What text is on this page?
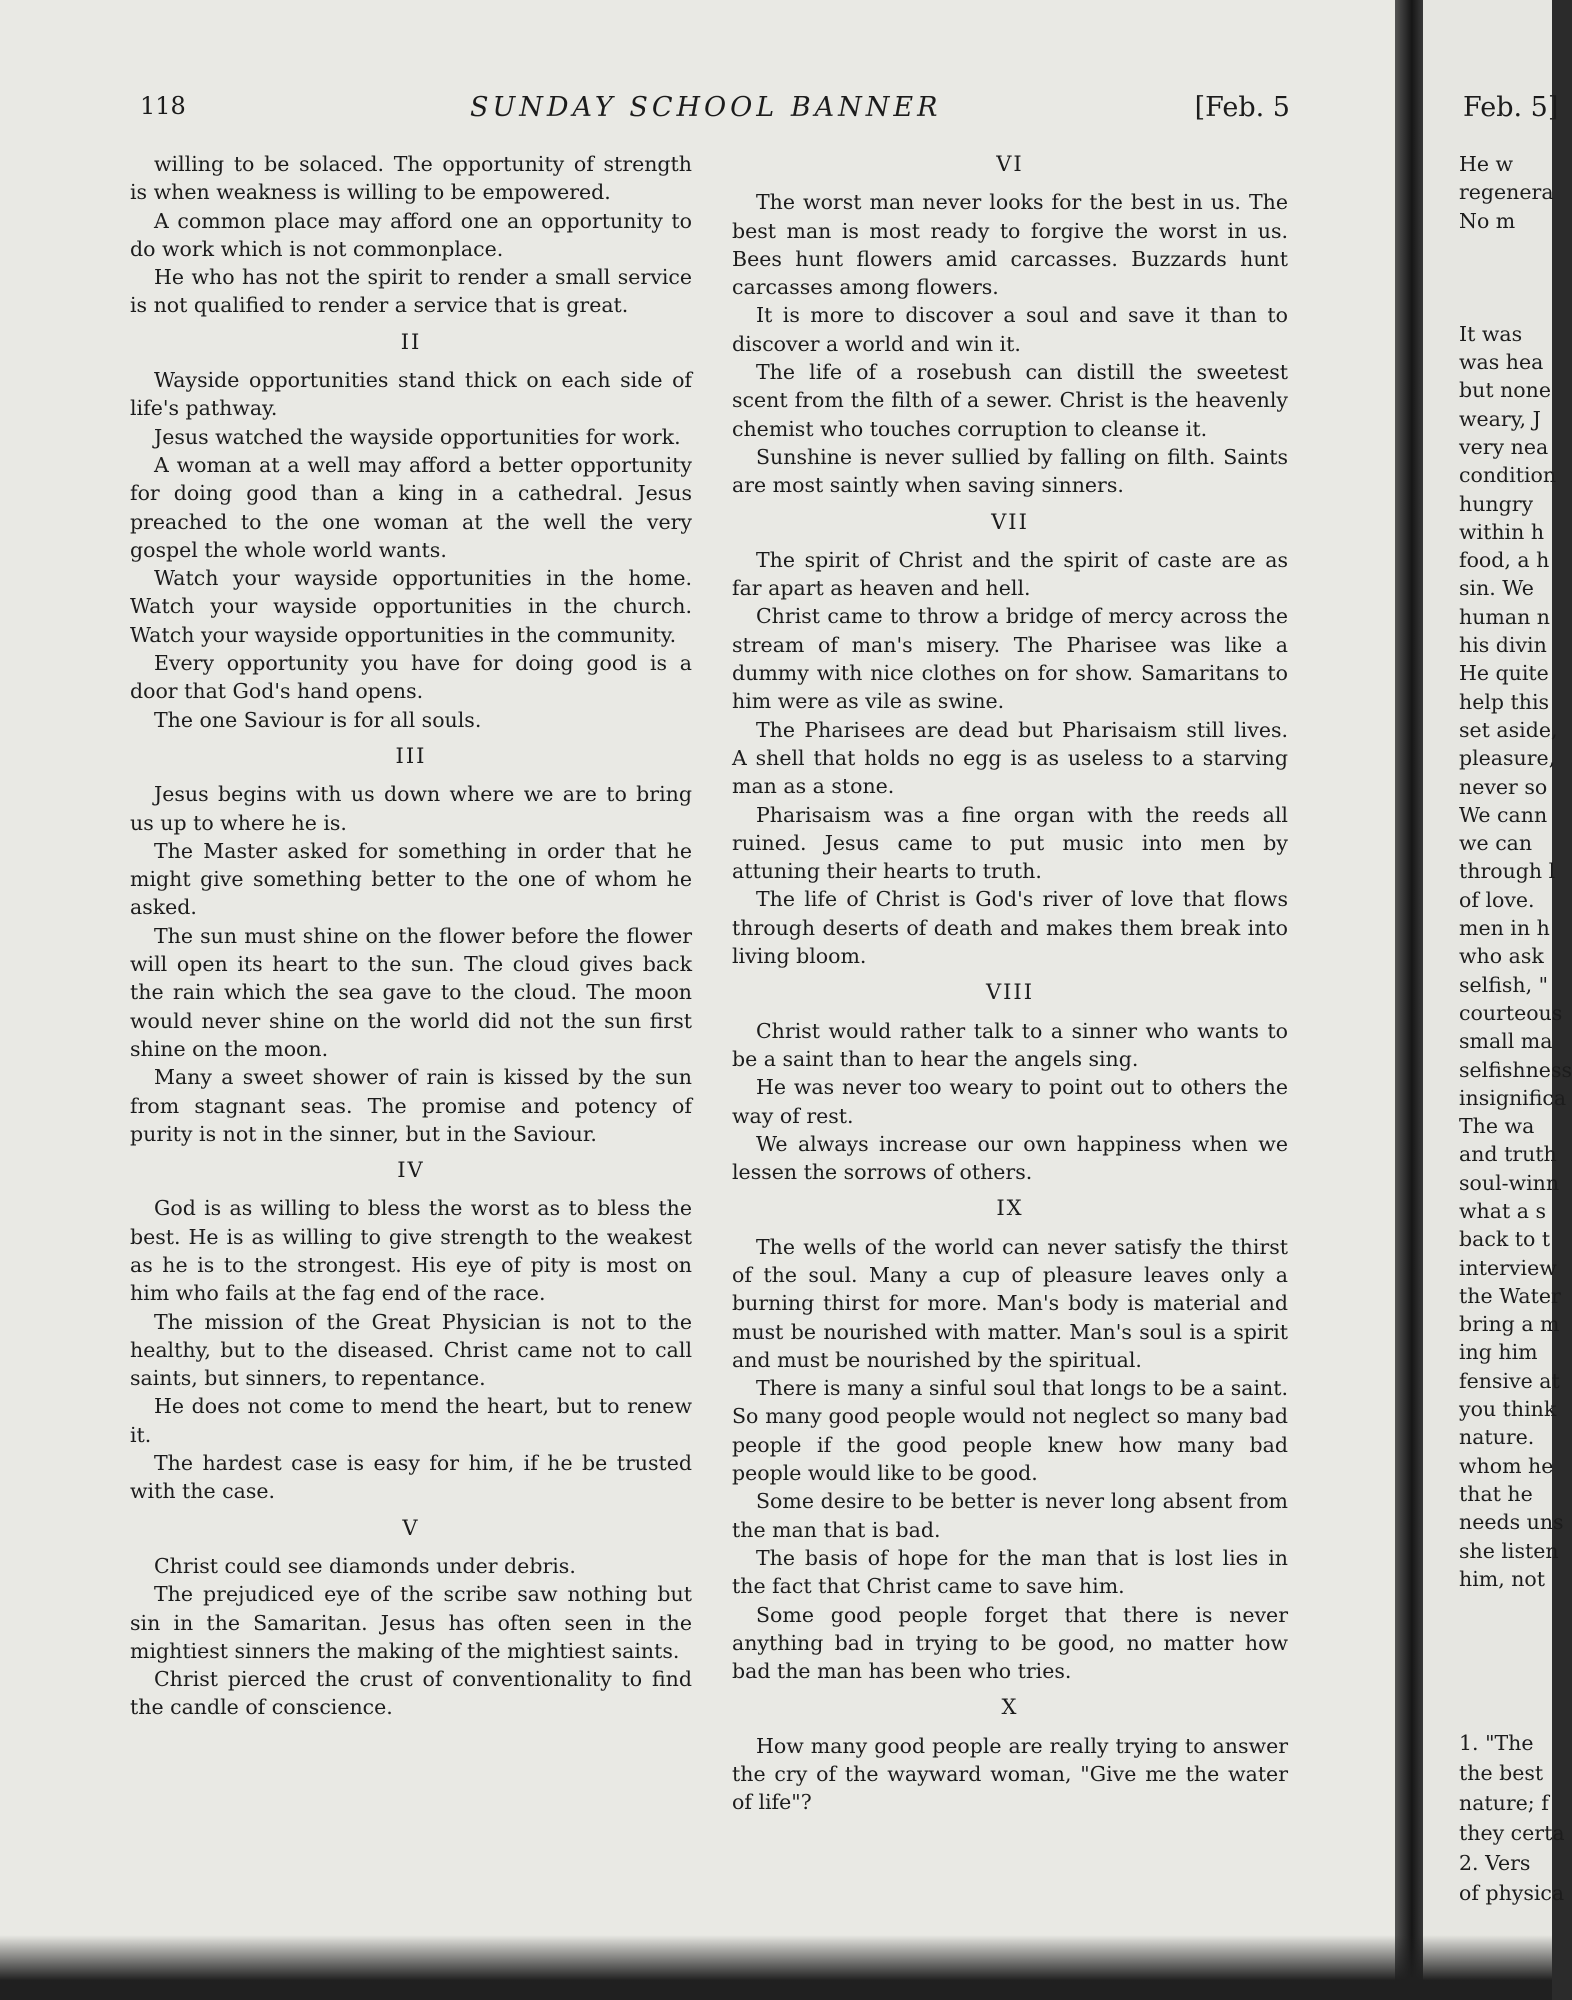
118	SUNDAY SCHOOL BANNER	[Feb. 5

willing to be solaced. The opportunity of strength is when weakness is willing to be empowered.

A common place may afford one an opportunity to do work which is not commonplace.

He who has not the spirit to render a small service is not qualified to render a service that is great.

II

Wayside opportunities stand thick on each side of life's pathway.

Jesus watched the wayside opportunities for work.

A woman at a well may afford a better opportunity for doing good than a king in a cathedral. Jesus preached to the one woman at the well the very gospel the whole world wants.

Watch your wayside opportunities in the home. Watch your wayside opportunities in the church. Watch your wayside opportunities in the community.

Every opportunity you have for doing good is a door that God's hand opens.

The one Saviour is for all souls.

III

Jesus begins with us down where we are to bring us up to where he is.

The Master asked for something in order that he might give something better to the one of whom he asked.

The sun must shine on the flower before the flower will open its heart to the sun. The cloud gives back the rain which the sea gave to the cloud. The moon would never shine on the world did not the sun first shine on the moon.

Many a sweet shower of rain is kissed by the sun from stagnant seas. The promise and potency of purity is not in the sinner, but in the Saviour.

IV

God is as willing to bless the worst as to bless the best. He is as willing to give strength to the weakest as he is to the strongest. His eye of pity is most on him who fails at the fag end of the race.

The mission of the Great Physician is not to the healthy, but to the diseased. Christ came not to call saints, but sinners, to repentance.

He does not come to mend the heart, but to renew it.

The hardest case is easy for him, if he be trusted with the case.

V

Christ could see diamonds under debris.

The prejudiced eye of the scribe saw nothing but sin in the Samaritan. Jesus has often seen in the mightiest sinners the making of the mightiest saints.

Christ pierced the crust of conventionality to find the candle of conscience.

VI

The worst man never looks for the best in us. The best man is most ready to forgive the worst in us. Bees hunt flowers amid carcasses. Buzzards hunt carcasses among flowers.

It is more to discover a soul and save it than to discover a world and win it.

The life of a rosebush can distill the sweetest scent from the filth of a sewer. Christ is the heavenly chemist who touches corruption to cleanse it.

Sunshine is never sullied by falling on filth. Saints are most saintly when saving sinners.

VII

The spirit of Christ and the spirit of caste are as far apart as heaven and hell.

Christ came to throw a bridge of mercy across the stream of man's misery. The Pharisee was like a dummy with nice clothes on for show. Samaritans to him were as vile as swine.

The Pharisees are dead but Pharisaism still lives. A shell that holds no egg is as useless to a starving man as a stone.

Pharisaism was a fine organ with the reeds all ruined. Jesus came to put music into men by attuning their hearts to truth.

The life of Christ is God's river of love that flows through deserts of death and makes them break into living bloom.

VIII

Christ would rather talk to a sinner who wants to be a saint than to hear the angels sing.

He was never too weary to point out to others the way of rest.

We always increase our own happiness when we lessen the sorrows of others.

IX

The wells of the world can never satisfy the thirst of the soul. Many a cup of pleasure leaves only a burning thirst for more. Man's body is material and must be nourished with matter. Man's soul is a spirit and must be nourished by the spiritual.

There is many a sinful soul that longs to be a saint. So many good people would not neglect so many bad people if the good people knew how many bad people would like to be good.

Some desire to be better is never long absent from the man that is bad.

The basis of hope for the man that is lost lies in the fact that Christ came to save him.

Some good people forget that there is never anything bad in trying to be good, no matter how bad the man has been who tries.

X

How many good people are really trying to answer the cry of the wayward woman, "Give me the water of life"?

Feb. 5]
He w
regenera
No m
It was
was hea
but none
weary, J
very nea
condition
hungry
within h
food, a h
sin. We
human n
his divin
He quite
help this
set aside,
pleasure,
never so
We cann
we can
through l
of love.
men in h
who ask
selfish, "
courteous
small ma
selfishness
insignifica
The wa
and truth
soul-winn
what a s
back to t
interview
the Water
bring a m
ing him
fensive at
you think
nature.
whom he
that he
needs uns
she listen
him, not
1. "The
the best
nature; f
they certa
2. Vers
of physica
